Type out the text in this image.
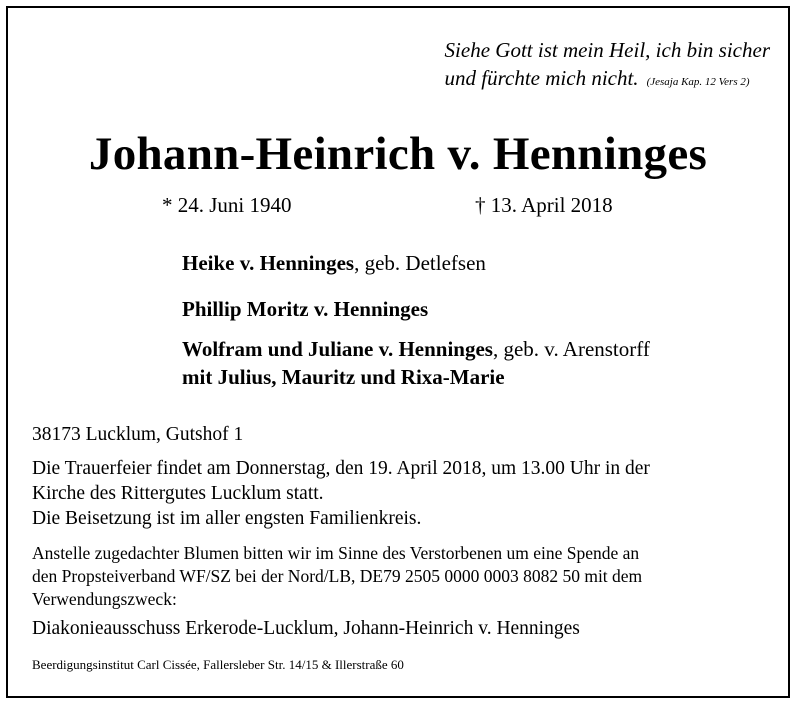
Siehe Gott ist mein Heil, ich bin sicher
und fürchte mich nicht. (Jesaja Kap. 12 Vers 2)
Johann-Heinrich v. Henninges
* 24. Juni 1940	† 13. April 2018
Heike v. Henninges, geb. Detlefsen
Phillip Moritz v. Henninges
Wolfram und Juliane v. Henninges, geb. v. Arenstorff
mit Julius, Mauritz und Rixa-Marie
38173 Lucklum, Gutshof 1
Die Trauerfeier findet am Donnerstag, den 19. April 2018, um 13.00 Uhr in der
Kirche des Rittergutes Lucklum statt.
Die Beisetzung ist im aller engsten Familienkreis.
Anstelle zugedachter Blumen bitten wir im Sinne des Verstorbenen um eine Spende an
den Propsteiverband WF/SZ bei der Nord/LB, DE79 2505 0000 0003 8082 50 mit dem
Verwendungszweck:
Diakonieausschuss Erkerode-Lucklum, Johann-Heinrich v. Henninges
Beerdigungsinstitut Carl Cissée, Fallersleber Str. 14/15 & Illerstraße 60
